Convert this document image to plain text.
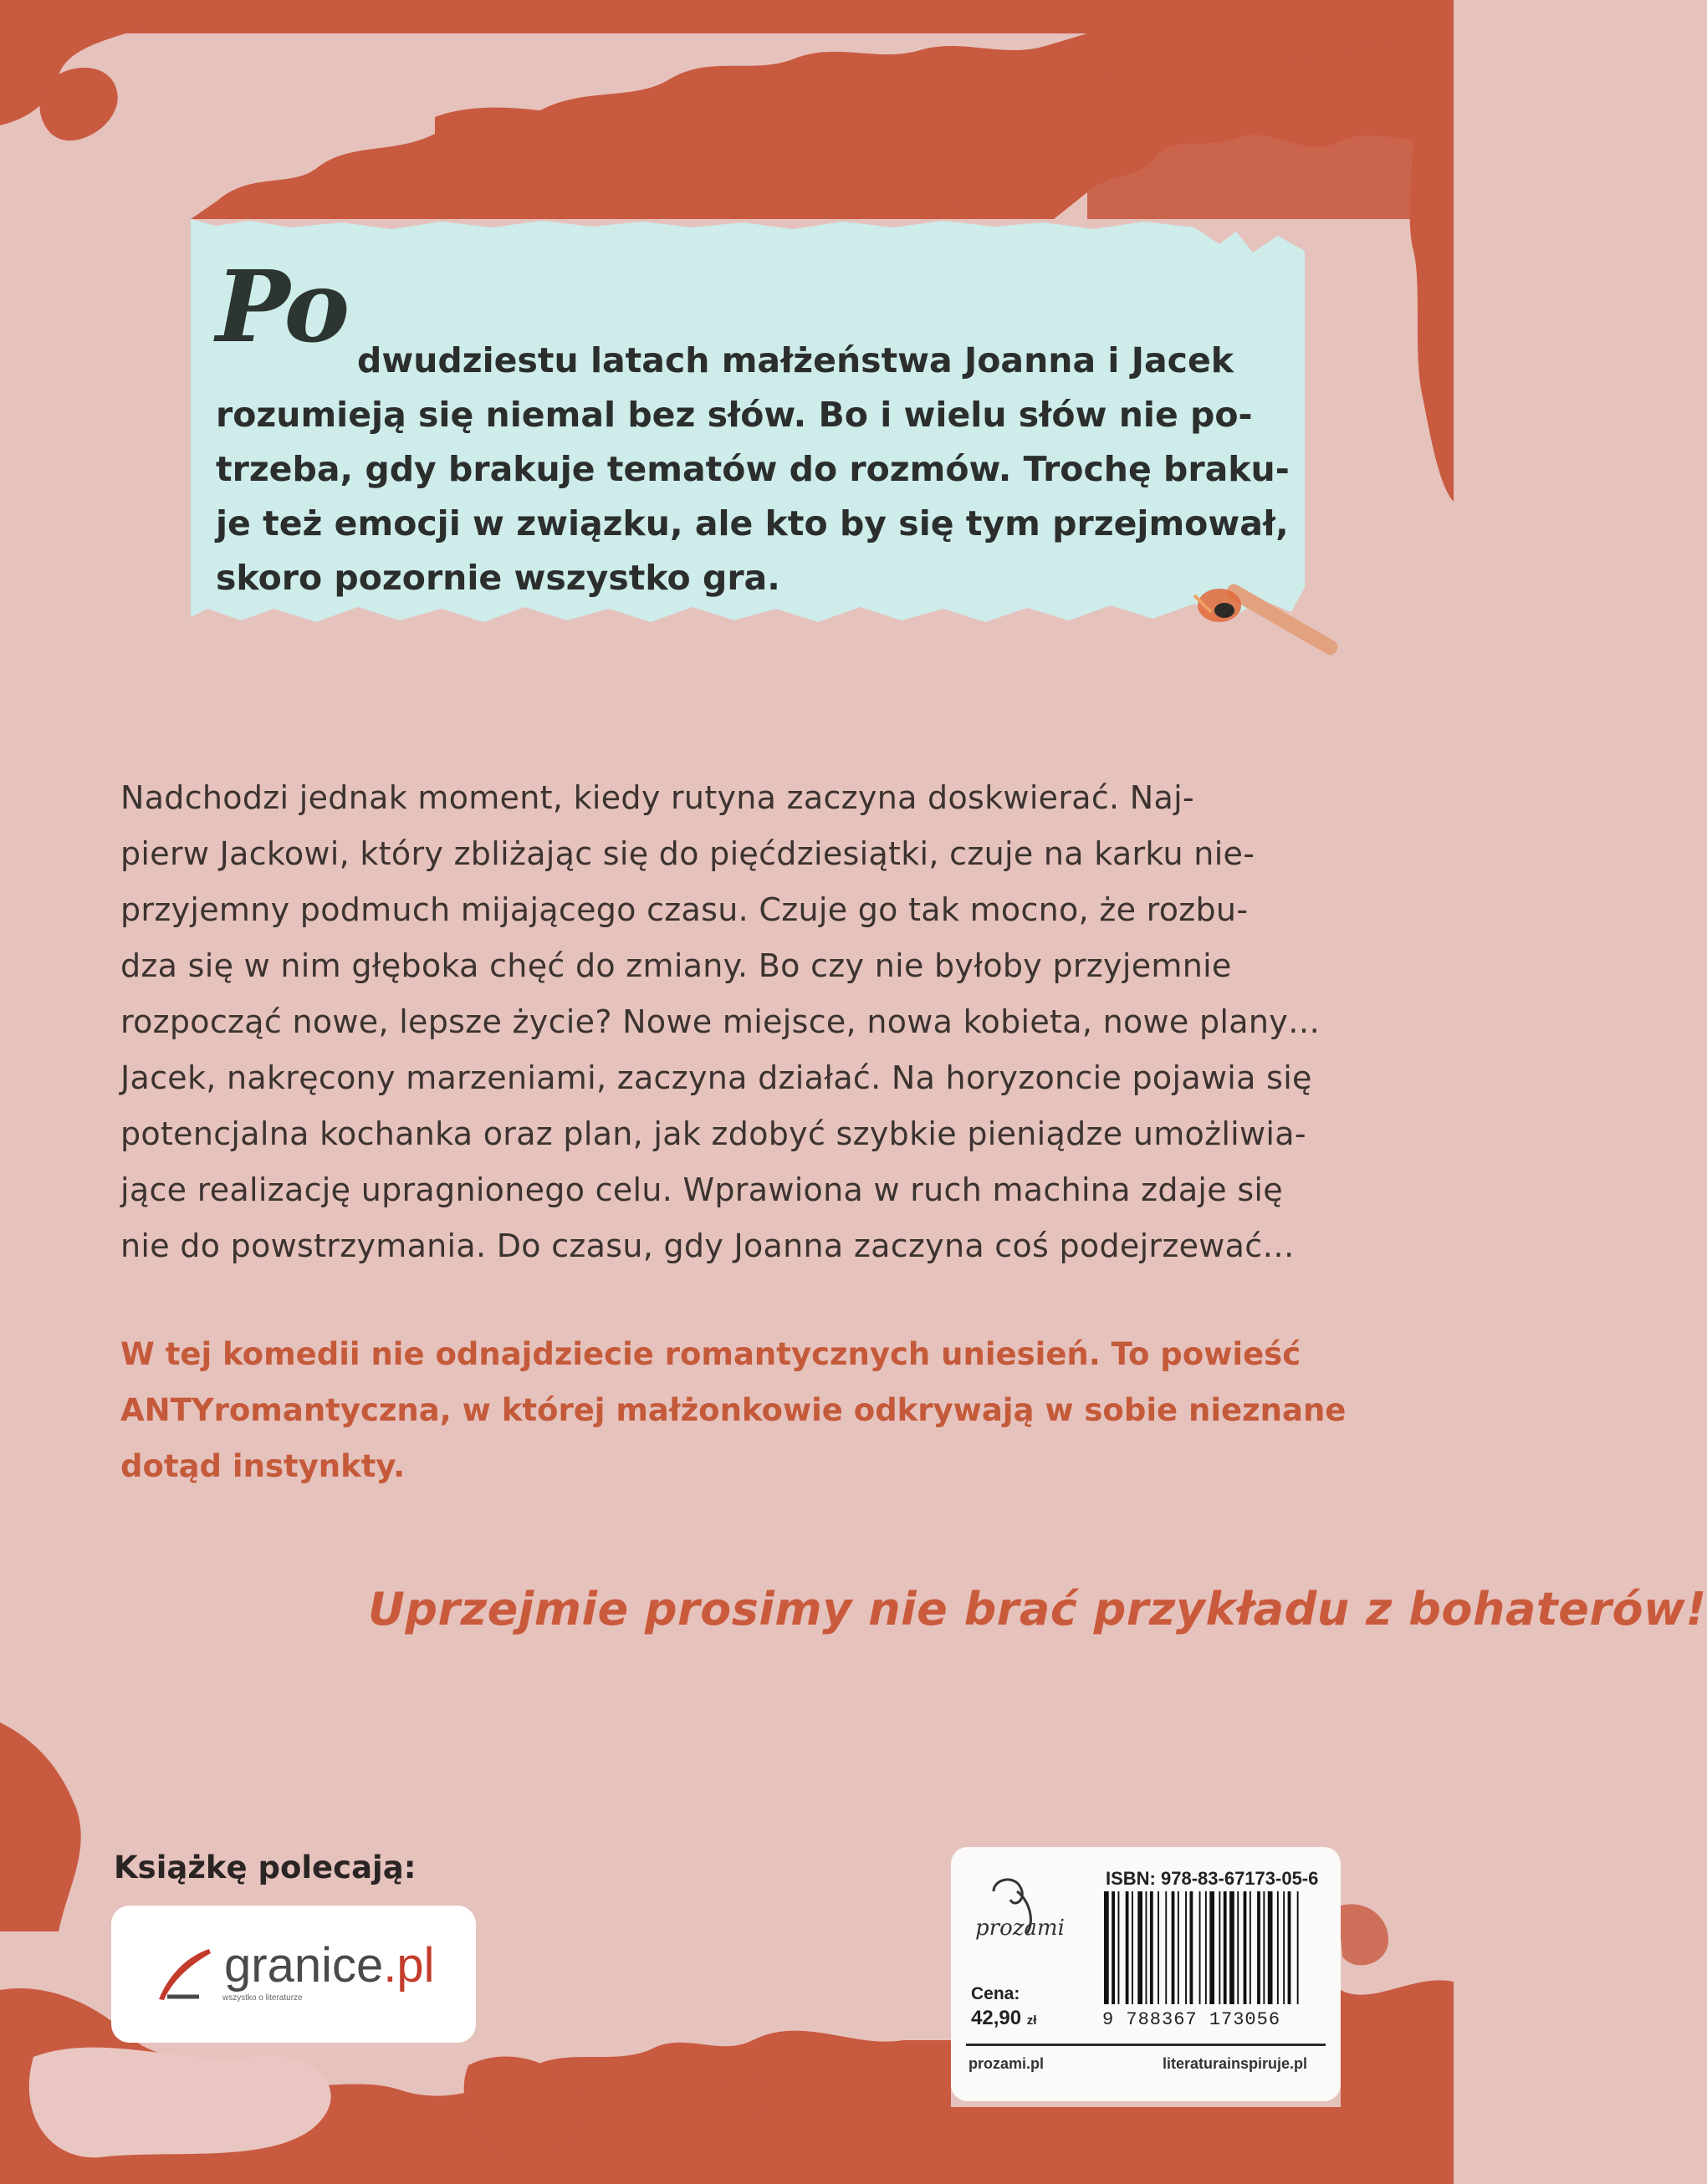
Po dwudziestu latach małżeństwa Joanna i Jacek
rozumieją się niemal bez słów. Bo i wielu słów nie po-
trzeba, gdy brakuje tematów do rozmów. Trochę braku-
je też emocji w związku, ale kto by się tym przejmował,
skoro pozornie wszystko gra.
Nadchodzi jednak moment, kiedy rutyna zaczyna doskwierać. Naj-
pierw Jackowi, który zbliżając się do pięćdziesiątki, czuje na karku nie-
przyjemny podmuch mijającego czasu. Czuje go tak mocno, że rozbu-
dza się w nim głęboka chęć do zmiany. Bo czy nie byłoby przyjemnie
rozpocząć nowe, lepsze życie? Nowe miejsce, nowa kobieta, nowe plany…
Jacek, nakręcony marzeniami, zaczyna działać. Na horyzoncie pojawia się
potencjalna kochanka oraz plan, jak zdobyć szybkie pieniądze umożliwia-
jące realizację upragnionego celu. Wprawiona w ruch machina zdaje się
nie do powstrzymania. Do czasu, gdy Joanna zaczyna coś podejrzewać…
W tej komedii nie odnajdziecie romantycznych uniesień. To powieść
ANTYromantyczna, w której małżonkowie odkrywają w sobie nieznane
dotąd instynkty.
Uprzejmie prosimy nie brać przykładu z bohaterów!
Książkę polecają:
granice.pl
wszystko o literaturze
prozami
ISBN: 978-83-67173-05-6
9 788367 173056
Cena:
42,90 zł
prozami.pl	literaturainspiruje.pl
